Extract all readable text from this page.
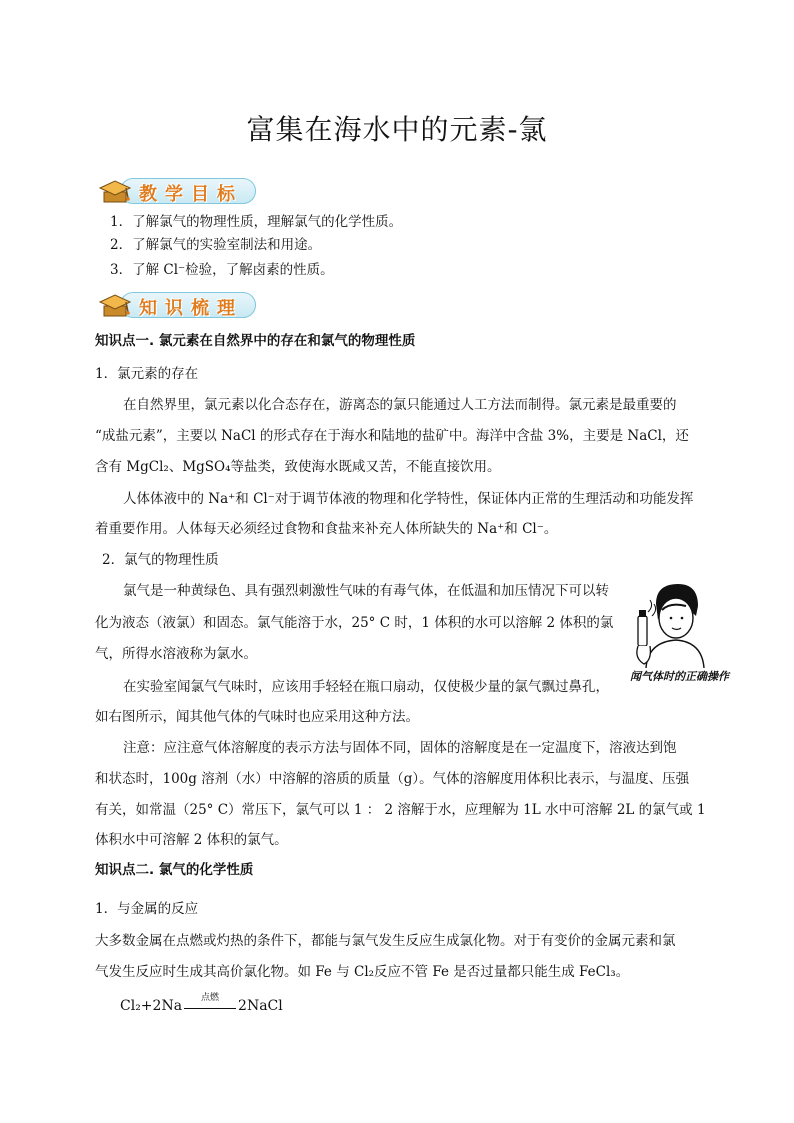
富集在海水中的元素-氯
教学目标
1．了解氯气的物理性质，理解氯气的化学性质。
2．了解氯气的实验室制法和用途。
3．了解 Cl⁻检验，了解卤素的性质。
知识梳理
知识点一. 氯元素在自然界中的存在和氯气的物理性质
1．氯元素的存在
在自然界里，氯元素以化合态存在，游离态的氯只能通过人工方法而制得。氯元素是最重要的
“成盐元素”，主要以 NaCl 的形式存在于海水和陆地的盐矿中。海洋中含盐 3%，主要是 NaCl，还
含有 MgCl₂、MgSO₄等盐类，致使海水既咸又苦，不能直接饮用。
人体体液中的 Na⁺和 Cl⁻对于调节体液的物理和化学特性，保证体内正常的生理活动和功能发挥
着重要作用。人体每天必须经过食物和食盐来补充人体所缺失的 Na⁺和 Cl⁻。
2．氯气的物理性质
氯气是一种黄绿色、具有强烈刺激性气味的有毒气体，在低温和加压情况下可以转
化为液态（液氯）和固态。氯气能溶于水，25° C 时，1 体积的水可以溶解 2 体积的氯
气，所得水溶液称为氯水。
在实验室闻氯气气味时，应该用手轻轻在瓶口扇动，仅使极少量的氯气飘过鼻孔，
如右图所示，闻其他气体的气味时也应采用这种方法。
闻气体时的正确操作
注意：应注意气体溶解度的表示方法与固体不同，固体的溶解度是在一定温度下，溶液达到饱
和状态时，100g 溶剂（水）中溶解的溶质的质量（g）。气体的溶解度用体积比表示，与温度、压强
有关，如常温（25° C）常压下，氯气可以 1 ： 2 溶解于水，应理解为 1L 水中可溶解 2L 的氯气或 1
体积水中可溶解 2 体积的氯气。
知识点二. 氯气的化学性质
1．与金属的反应
大多数金属在点燃或灼热的条件下，都能与氯气发生反应生成氯化物。对于有变价的金属元素和氯
气发生反应时生成其高价氯化物。如 Fe 与 Cl₂反应不管 Fe 是否过量都只能生成 FeCl₃。
Cl₂+2Na
点燃
2NaCl
